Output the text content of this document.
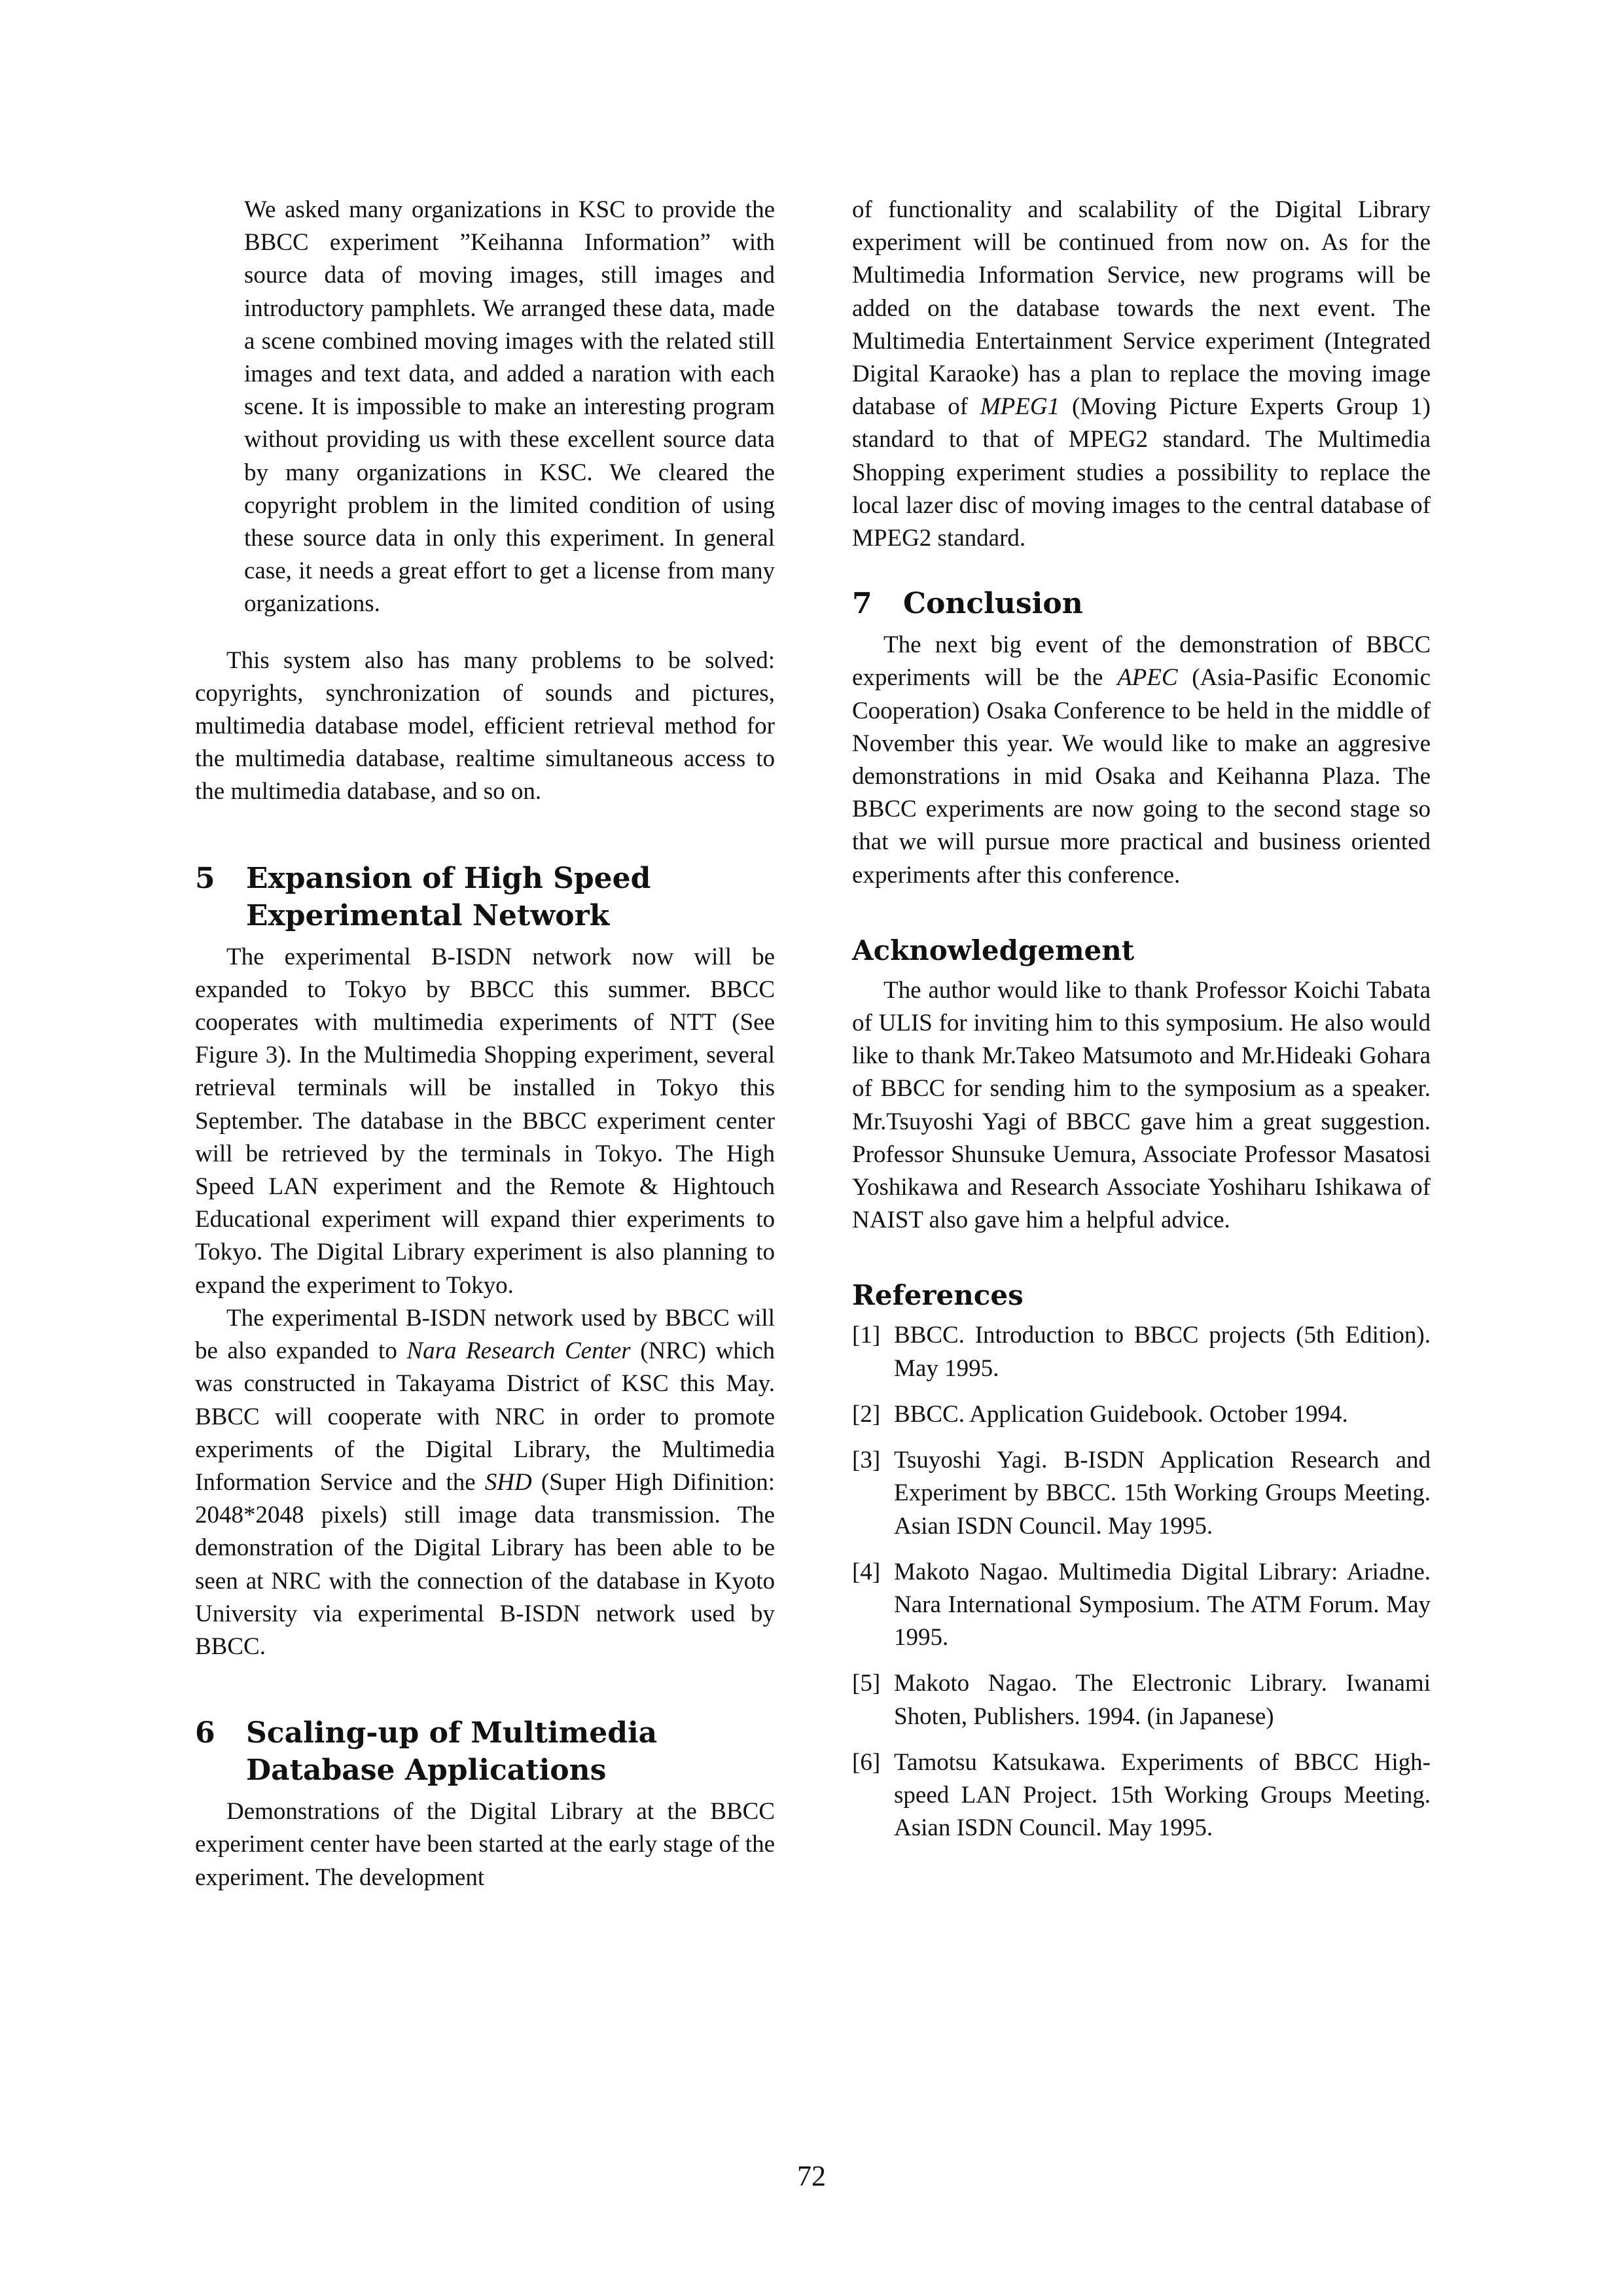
We asked many organizations in KSC to provide the BBCC experiment ”Keihanna Information” with source data of moving images, still images and introductory pamphlets. We arranged these data, made a scene combined moving images with the related still images and text data, and added a naration with each scene. It is impossible to make an interesting program without providing us with these excellent source data by many organizations in KSC. We cleared the copyright problem in the limited condition of using these source data in only this experiment. In general case, it needs a great effort to get a license from many organizations.

This system also has many problems to be solved: copyrights, synchronization of sounds and pictures, multimedia database model, efficient retrieval method for the multimedia database, realtime simultaneous access to the multimedia database, and so on.

5	Expansion of High Speed Experimental Network

The experimental B-ISDN network now will be expanded to Tokyo by BBCC this summer. BBCC cooperates with multimedia experiments of NTT (See Figure 3). In the Multimedia Shopping experiment, several retrieval terminals will be installed in Tokyo this September. The database in the BBCC experiment center will be retrieved by the terminals in Tokyo. The High Speed LAN experiment and the Remote & Hightouch Educational experiment will expand thier experiments to Tokyo. The Digital Library experiment is also planning to expand the experiment to Tokyo.

The experimental B-ISDN network used by BBCC will be also expanded to Nara Research Center (NRC) which was constructed in Takayama District of KSC this May. BBCC will cooperate with NRC in order to promote experiments of the Digital Library, the Multimedia Information Service and the SHD (Super High Difinition: 2048*2048 pixels) still image data transmission. The demonstration of the Digital Library has been able to be seen at NRC with the connection of the database in Kyoto University via experimental B-ISDN network used by BBCC.

6	Scaling-up of Multimedia Database Applications

Demonstrations of the Digital Library at the BBCC experiment center have been started at the early stage of the experiment. The development

of functionality and scalability of the Digital Library experiment will be continued from now on. As for the Multimedia Information Service, new programs will be added on the database towards the next event. The Multimedia Entertainment Service experiment (Integrated Digital Karaoke) has a plan to replace the moving image database of MPEG1 (Moving Picture Experts Group 1) standard to that of MPEG2 standard. The Multimedia Shopping experiment studies a possibility to replace the local lazer disc of moving images to the central database of MPEG2 standard.

7	Conclusion

The next big event of the demonstration of BBCC experiments will be the APEC (Asia-Pasific Economic Cooperation) Osaka Conference to be held in the middle of November this year. We would like to make an aggresive demonstrations in mid Osaka and Keihanna Plaza. The BBCC experiments are now going to the second stage so that we will pursue more practical and business oriented experiments after this conference.

Acknowledgement

The author would like to thank Professor Koichi Tabata of ULIS for inviting him to this symposium. He also would like to thank Mr.Takeo Matsumoto and Mr.Hideaki Gohara of BBCC for sending him to the symposium as a speaker. Mr.Tsuyoshi Yagi of BBCC gave him a great suggestion. Professor Shunsuke Uemura, Associate Professor Masatosi Yoshikawa and Research Associate Yoshiharu Ishikawa of NAIST also gave him a helpful advice.

References
[1] BBCC. Introduction to BBCC projects (5th Edition). May 1995.
[2] BBCC. Application Guidebook. October 1994.
[3] Tsuyoshi Yagi. B-ISDN Application Research and Experiment by BBCC. 15th Working Groups Meeting. Asian ISDN Council. May 1995.
[4] Makoto Nagao. Multimedia Digital Library: Ariadne. Nara International Symposium. The ATM Forum. May 1995.
[5] Makoto Nagao. The Electronic Library. Iwanami Shoten, Publishers. 1994. (in Japanese)
[6] Tamotsu Katsukawa. Experiments of BBCC High-speed LAN Project. 15th Working Groups Meeting. Asian ISDN Council. May 1995.
72
